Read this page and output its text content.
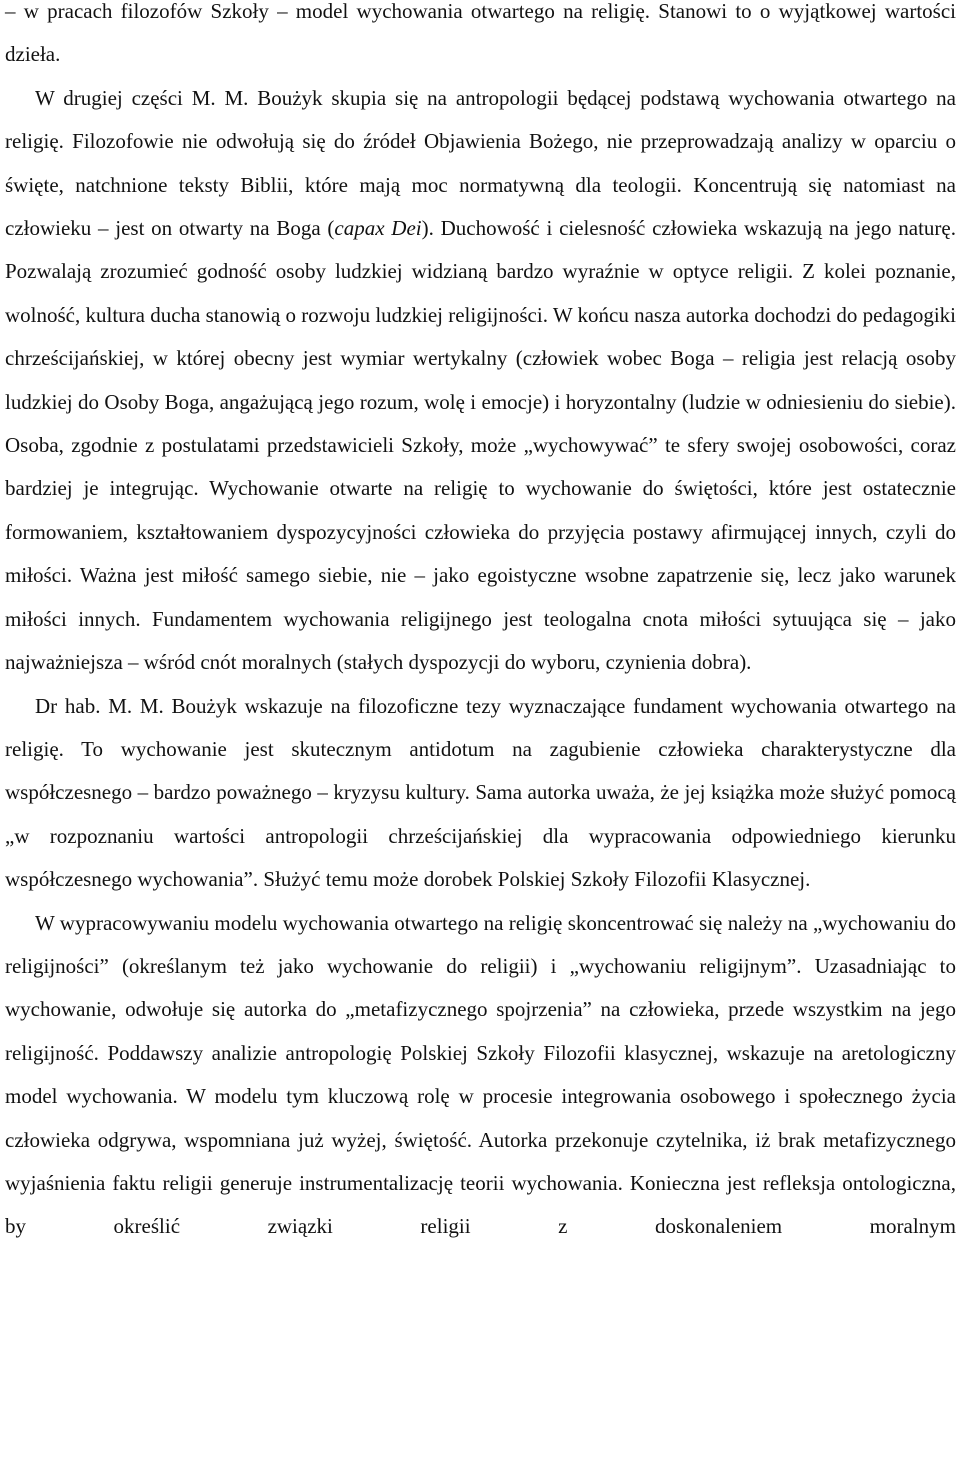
– w pracach filozofów Szkoły – model wychowania otwartego na religię. Stanowi to o wyjątkowej wartości dzieła.

W drugiej części M. M. Boużyk skupia się na antropologii będącej podstawą wychowania otwartego na religię. Filozofowie nie odwołują się do źródeł Objawienia Bożego, nie przeprowadzają analizy w oparciu o święte, natchnione teksty Biblii, które mają moc normatywną dla teologii. Koncentrują się natomiast na człowieku – jest on otwarty na Boga (capax Dei). Duchowość i cielesność człowieka wskazują na jego naturę. Pozwalają zrozumieć godność osoby ludzkiej widzianą bardzo wyraźnie w optyce religii. Z kolei poznanie, wolność, kultura ducha stanowią o rozwoju ludzkiej religijności. W końcu nasza autorka dochodzi do pedagogiki chrześcijańskiej, w której obecny jest wymiar wertykalny (człowiek wobec Boga – religia jest relacją osoby ludzkiej do Osoby Boga, angażującą jego rozum, wolę i emocje) i horyzontalny (ludzie w odniesieniu do siebie). Osoba, zgodnie z postulatami przedstawicieli Szkoły, może „wychowywać” te sfery swojej osobowości, coraz bardziej je integrując. Wychowanie otwarte na religię to wychowanie do świętości, które jest ostatecznie formowaniem, kształtowaniem dyspozycyjności człowieka do przyjęcia postawy afirmującej innych, czyli do miłości. Ważna jest miłość samego siebie, nie – jako egoistyczne wsobne zapatrzenie się, lecz jako warunek miłości innych. Fundamentem wychowania religijnego jest teologalna cnota miłości sytuująca się – jako najważniejsza – wśród cnót moralnych (stałych dyspozycji do wyboru, czynienia dobra).

Dr hab. M. M. Boużyk wskazuje na filozoficzne tezy wyznaczające fundament wychowania otwartego na religię. To wychowanie jest skutecznym antidotum na zagubienie człowieka charakterystyczne dla współczesnego – bardzo poważnego – kryzysu kultury. Sama autorka uważa, że jej książka może służyć pomocą „w rozpoznaniu wartości antropologii chrześcijańskiej dla wypracowania odpowiedniego kierunku współczesnego wychowania”. Służyć temu może dorobek Polskiej Szkoły Filozofii Klasycznej.

W wypracowywaniu modelu wychowania otwartego na religię skoncentrować się należy na „wychowaniu do religijności” (określanym też jako wychowanie do religii) i „wychowaniu religijnym”. Uzasadniając to wychowanie, odwołuje się autorka do „metafizycznego spojrzenia” na człowieka, przede wszystkim na jego religijność. Poddawszy analizie antropologię Polskiej Szkoły Filozofii klasycznej, wskazuje na aretologiczny model wychowania. W modelu tym kluczową rolę w procesie integrowania osobowego i społecznego życia człowieka odgrywa, wspomniana już wyżej, świętość. Autorka przekonuje czytelnika, iż brak metafizycznego wyjaśnienia faktu religii generuje instrumentalizację teorii wychowania. Konieczna jest refleksja ontologiczna, by określić związki religii z doskonaleniem moralnym
